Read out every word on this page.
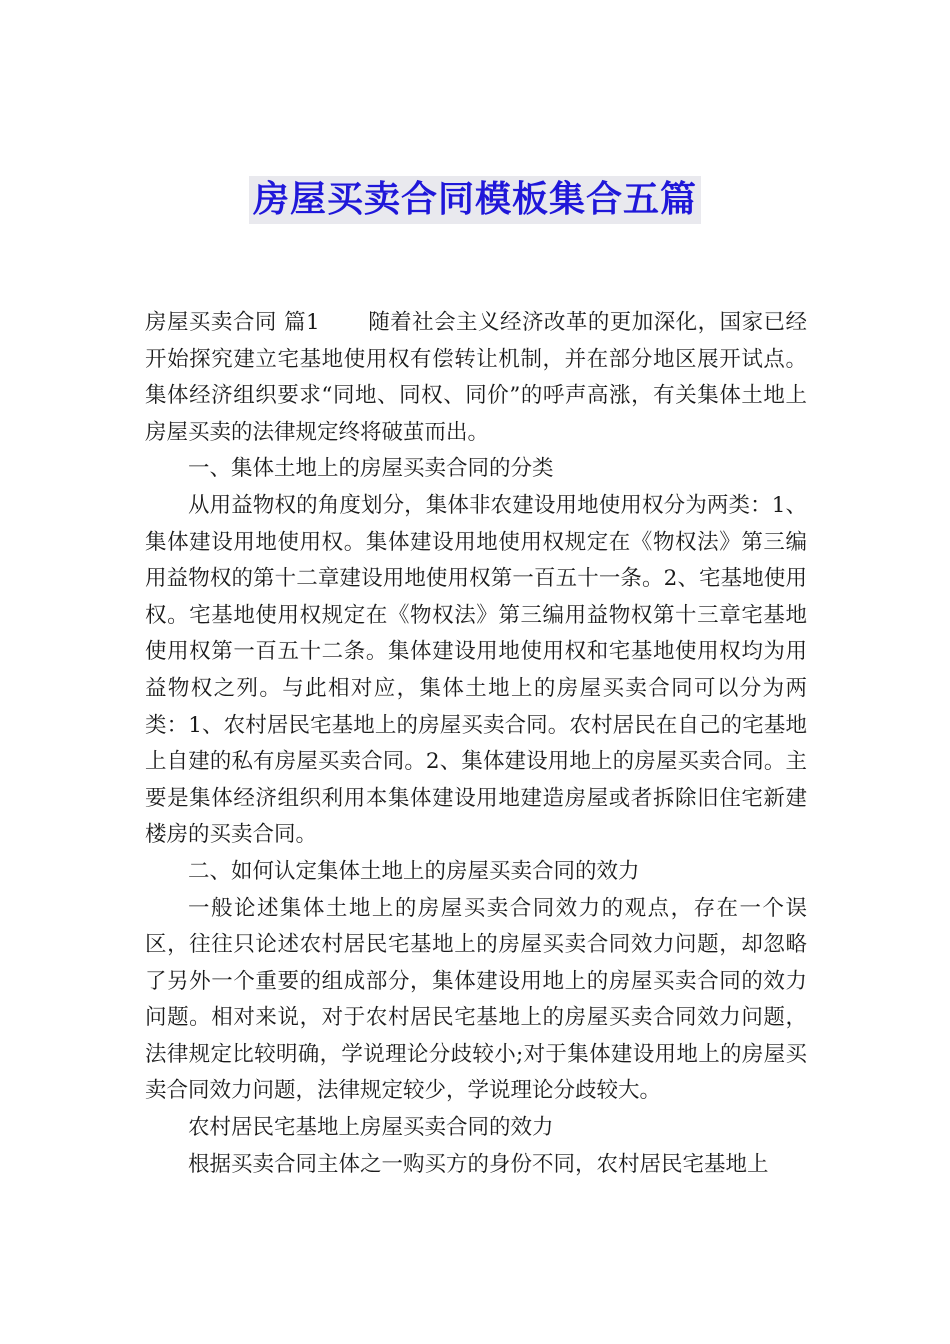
房屋买卖合同模板集合五篇

房屋买卖合同 篇1 随着社会主义经济改革的更加深化，国家已经开始探究建立宅基地使用权有偿转让机制，并在部分地区展开试点。集体经济组织要求“同地、同权、同价”的呼声高涨，有关集体土地上房屋买卖的法律规定终将破茧而出。

一、集体土地上的房屋买卖合同的分类

从用益物权的角度划分，集体非农建设用地使用权分为两类：1、集体建设用地使用权。集体建设用地使用权规定在《物权法》第三编用益物权的第十二章建设用地使用权第一百五十一条。2、宅基地使用权。宅基地使用权规定在《物权法》第三编用益物权第十三章宅基地使用权第一百五十二条。集体建设用地使用权和宅基地使用权均为用益物权之列。与此相对应，集体土地上的房屋买卖合同可以分为两类：1、农村居民宅基地上的房屋买卖合同。农村居民在自己的宅基地上自建的私有房屋买卖合同。2、集体建设用地上的房屋买卖合同。主要是集体经济组织利用本集体建设用地建造房屋或者拆除旧住宅新建楼房的买卖合同。

二、如何认定集体土地上的房屋买卖合同的效力

一般论述集体土地上的房屋买卖合同效力的观点，存在一个误区，往往只论述农村居民宅基地上的房屋买卖合同效力问题，却忽略了另外一个重要的组成部分，集体建设用地上的房屋买卖合同的效力问题。相对来说，对于农村居民宅基地上的房屋买卖合同效力问题，法律规定比较明确，学说理论分歧较小;对于集体建设用地上的房屋买卖合同效力问题，法律规定较少，学说理论分歧较大。

农村居民宅基地上房屋买卖合同的效力

根据买卖合同主体之一购买方的身份不同，农村居民宅基地上
